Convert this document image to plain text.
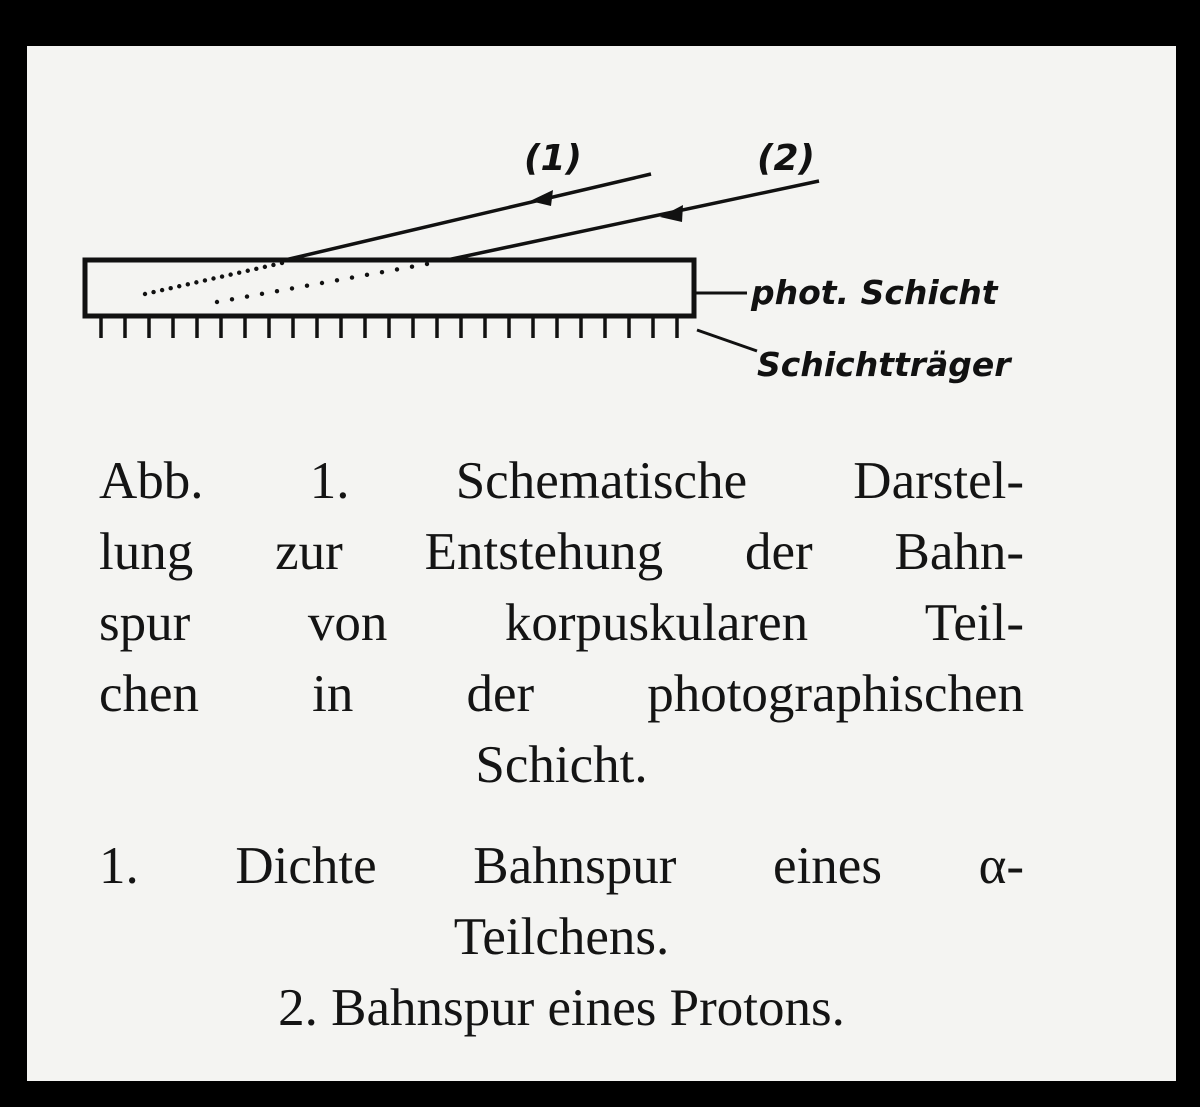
(1)	(2)
phot. Schicht
Schichtträger
Abb. 1. Schematische Darstel-
lung zur Entstehung der Bahn-
spur von korpuskularen Teil-
chen in der photographischen
Schicht.
1. Dichte Bahnspur eines α-
Teilchens.
2. Bahnspur eines Protons.
